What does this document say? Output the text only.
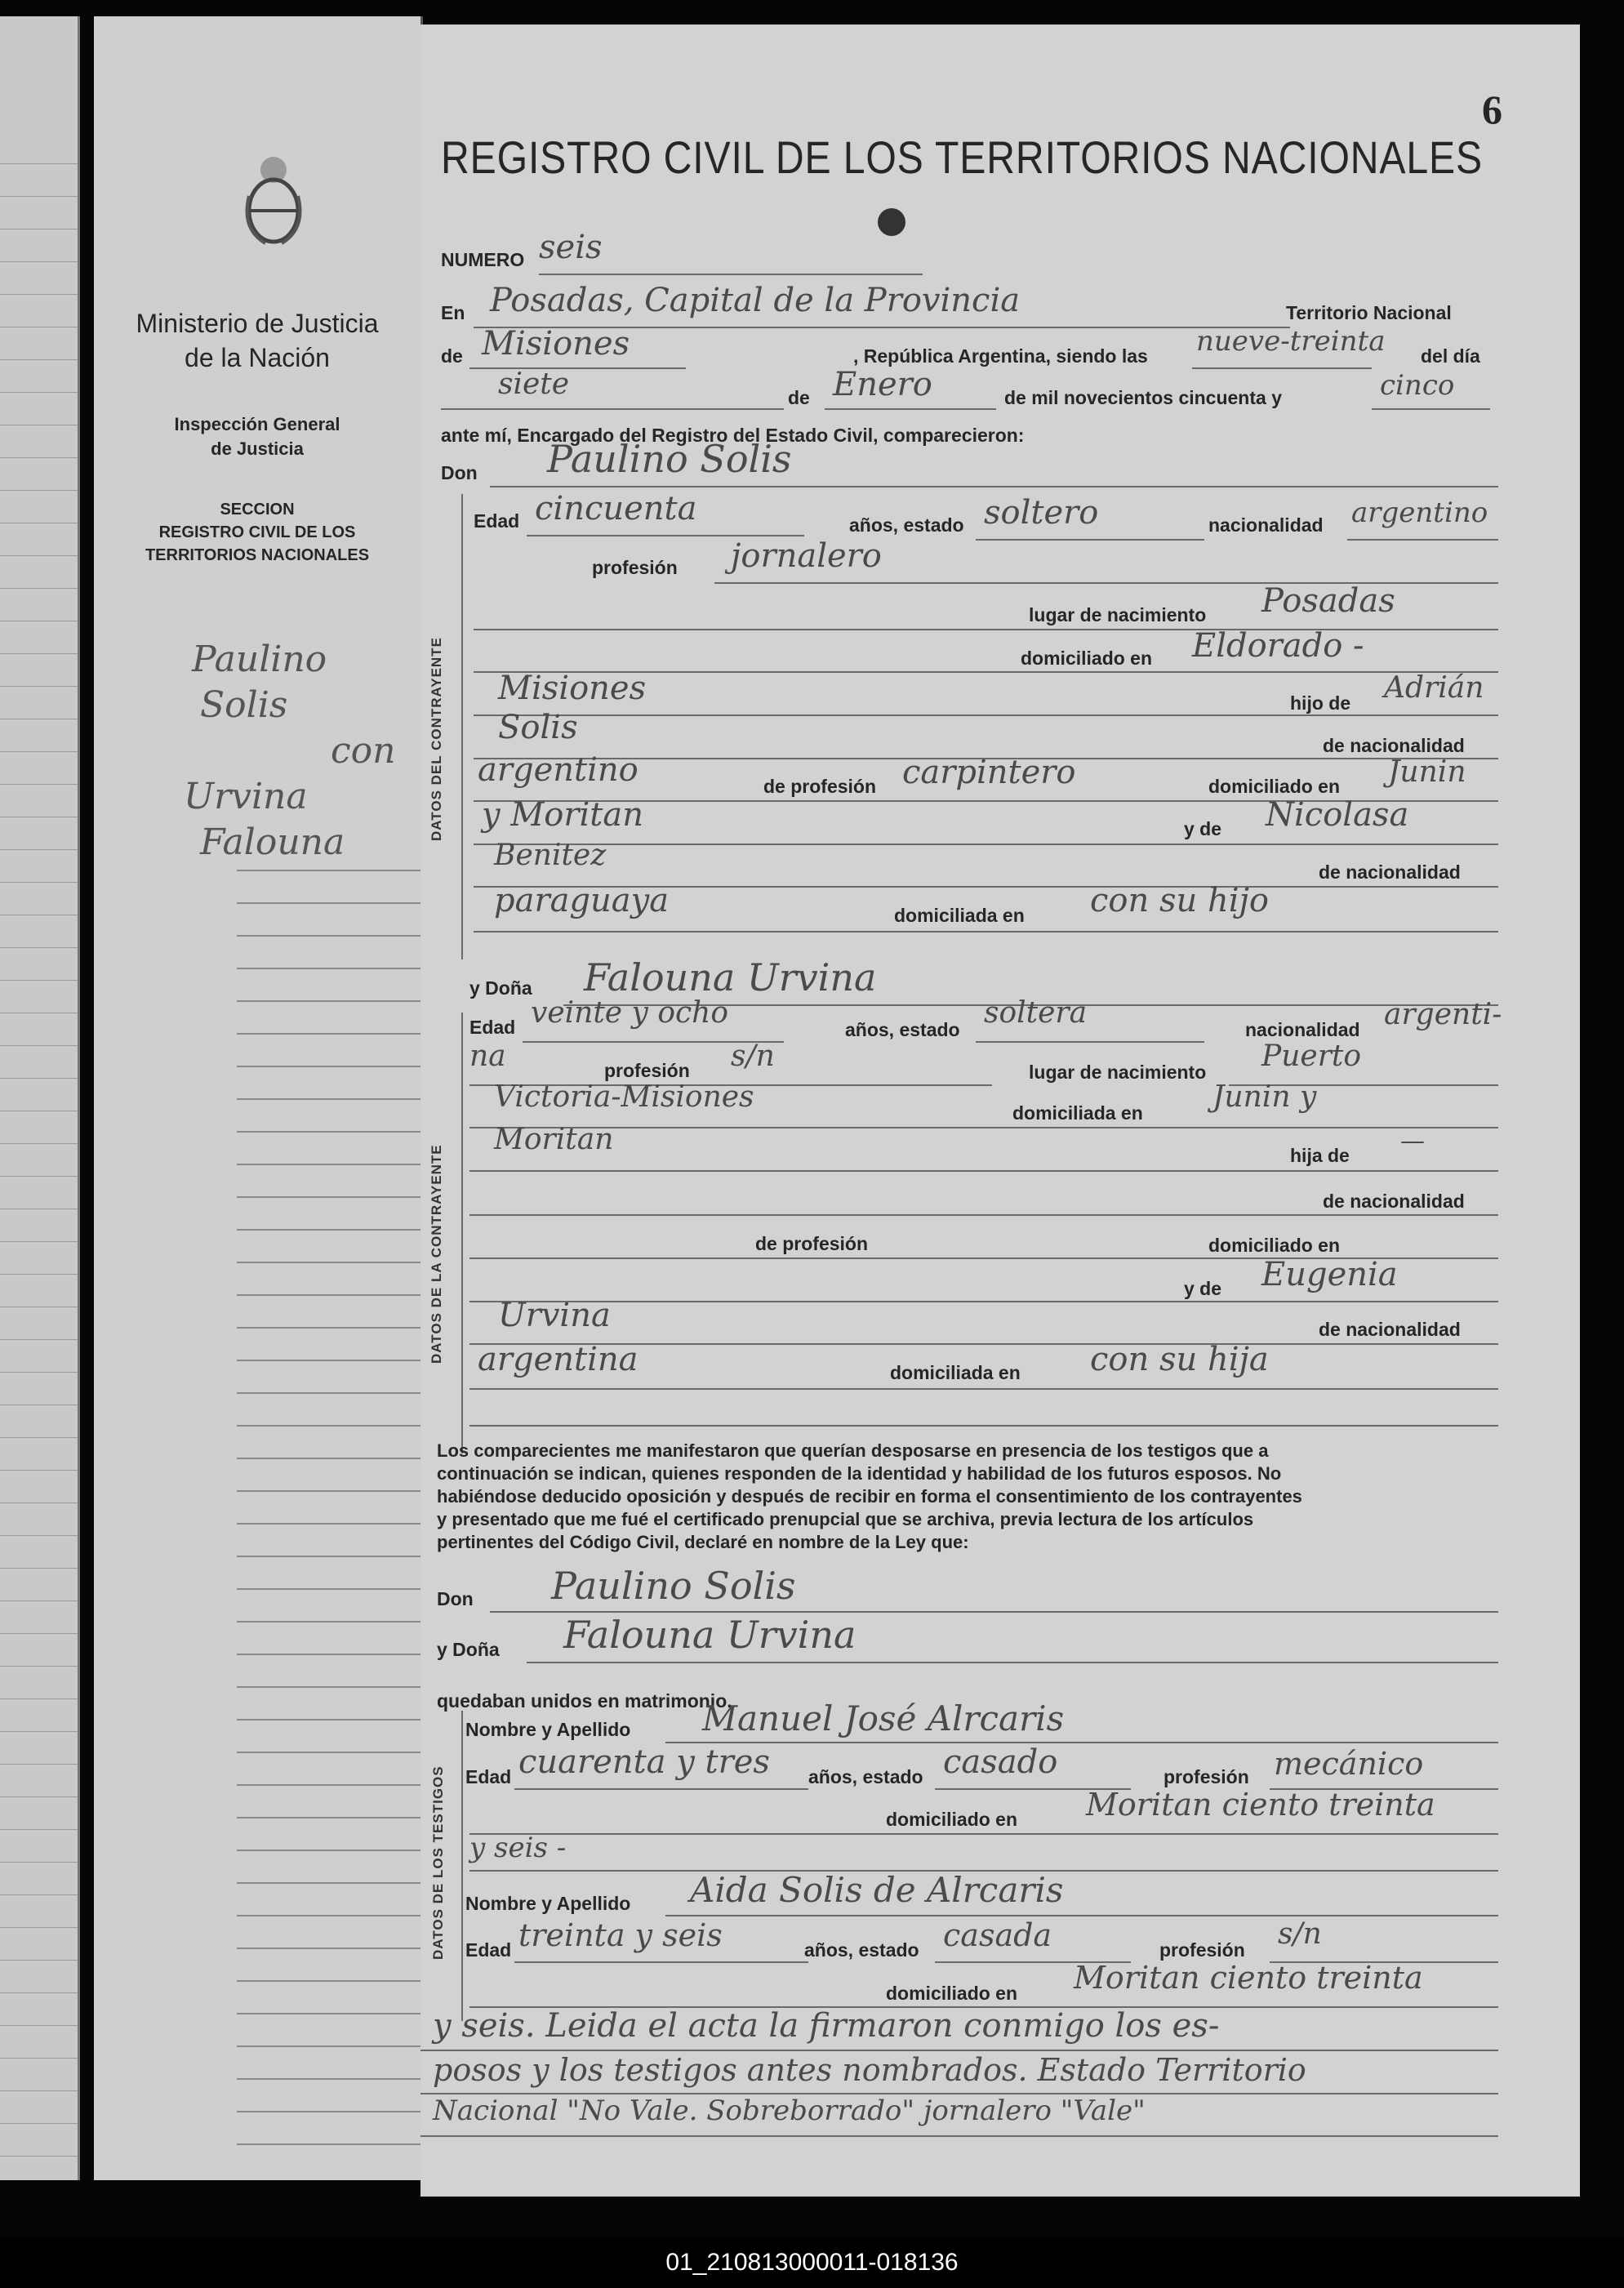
Ministerio de Justicia
de la Nación
Inspección General
de Justicia
SECCION
REGISTRO CIVIL DE LOS
TERRITORIOS NACIONALES
Paulino
Solis
con
Urvina
Falouna
6
REGISTRO CIVIL DE LOS TERRITORIOS NACIONALES
NUMERO seis
En Posadas, Capital de la Provincia	Territorio Nacional
de Misiones	, República Argentina, siendo las nueve-treinta del día
siete	de Enero	de mil novecientos cincuenta y	cinco
ante mí, Encargado del Registro del Estado Civil, comparecieron:
Don Paulino Solis
DATOS DEL CONTRAYENTE
Edad cincuenta	años, estado soltero	nacionalidad argentino
profesión jornalero
lugar de nacimiento Posadas
domiciliado en Eldorado -
Misiones	hijo de Adrián
Solis	de nacionalidad
argentino	de profesión carpintero	domiciliado en Junin
y Moritan	y de Nicolasa
Benitez	de nacionalidad
paraguaya	domiciliada en con su hijo
y Doña Falouna Urvina
DATOS DE LA CONTRAYENTE
Edad veinte y ocho	años, estado soltera	nacionalidad argenti-
na	profesión s/n	lugar de nacimiento Puerto
Victoria-Misiones	domiciliada en Junin y
Moritan	hija de —
de nacionalidad
de profesión	domiciliado en
y de Eugenia
Urvina	de nacionalidad
argentina	domiciliada en con su hija
Los comparecientes me manifestaron que querían desposarse en presencia de los testigos que a
continuación se indican, quienes responden de la identidad y habilidad de los futuros esposos. No
habiéndose deducido oposición y después de recibir en forma el consentimiento de los contrayentes
y presentado que me fué el certificado prenupcial que se archiva, previa lectura de los artículos
pertinentes del Código Civil, declaré en nombre de la Ley que:
Don Paulino Solis
y Doña Falouna Urvina
quedaban unidos en matrimonio.
DATOS DE LOS TESTIGOS
Nombre y Apellido Manuel José Alrcaris
Edad cuarenta y tres años, estado casado	profesión mecánico
domiciliado en Moritan ciento treinta
y seis -
Nombre y Apellido Aida Solis de Alrcaris
Edad treinta y seis	años, estado casada	profesión s/n
domiciliado en Moritan ciento treinta
y seis. Leida el acta la firmaron conmigo los es-
posos y los testigos antes nombrados. Estado Territorio
Nacional "No Vale. Sobreborrado" jornalero "Vale"
01_210813000011-018136
